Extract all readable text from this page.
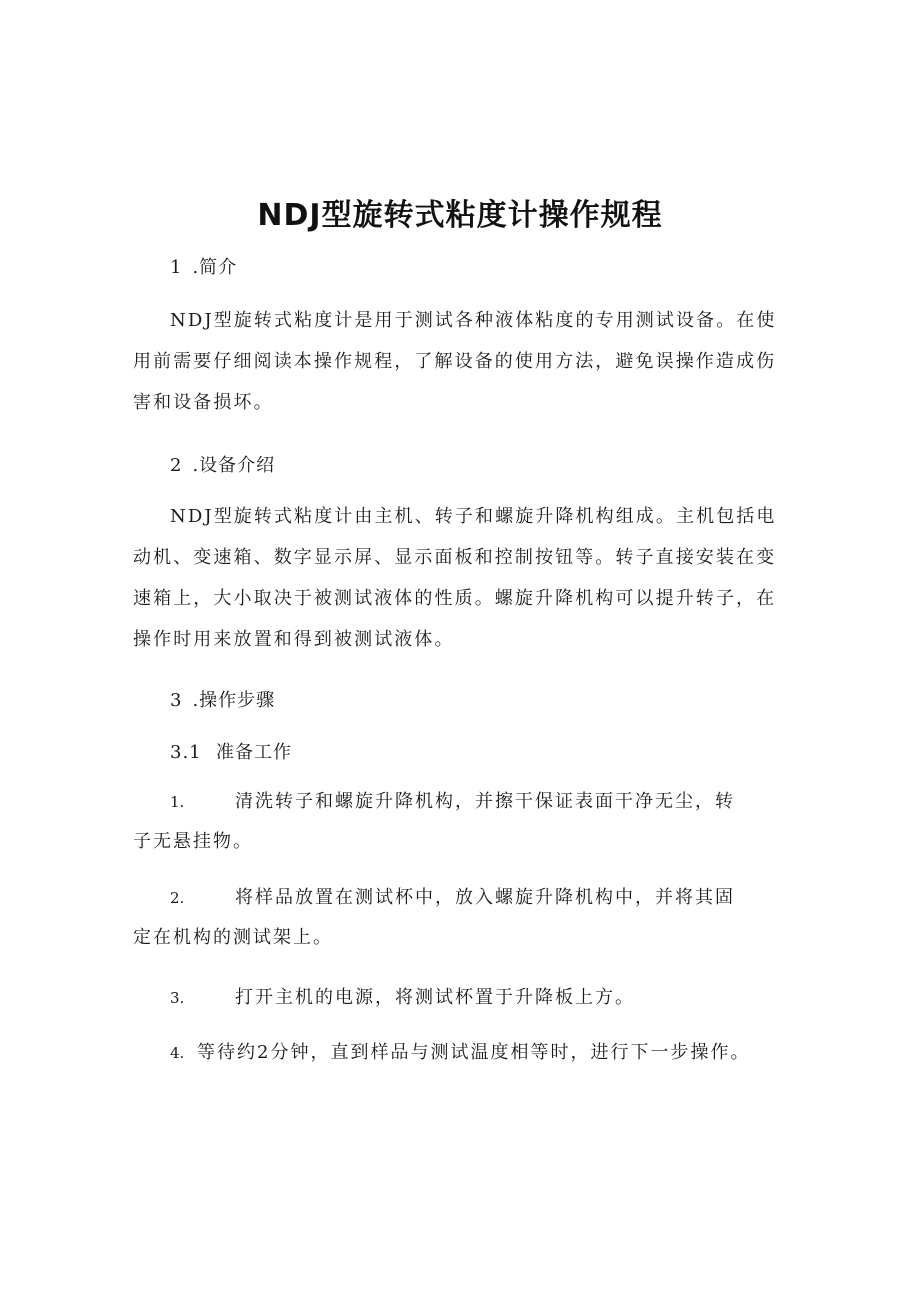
NDJ型旋转式粘度计操作规程

1 .简介

NDJ型旋转式粘度计是用于测试各种液体粘度的专用测试设备。在使用前需要仔细阅读本操作规程，了解设备的使用方法，避免误操作造成伤害和设备损坏。

2 .设备介绍

NDJ型旋转式粘度计由主机、转子和螺旋升降机构组成。主机包括电动机、变速箱、数字显示屏、显示面板和控制按钮等。转子直接安装在变速箱上，大小取决于被测试液体的性质。螺旋升降机构可以提升转子，在操作时用来放置和得到被测试液体。

3 .操作步骤

3.1 准备工作

1.	清洗转子和螺旋升降机构，并擦干保证表面干净无尘，转子无悬挂物。

2.	将样品放置在测试杯中，放入螺旋升降机构中，并将其固定在机构的测试架上。

3.	打开主机的电源，将测试杯置于升降板上方。

4. 等待约2分钟，直到样品与测试温度相等时，进行下一步操作。
